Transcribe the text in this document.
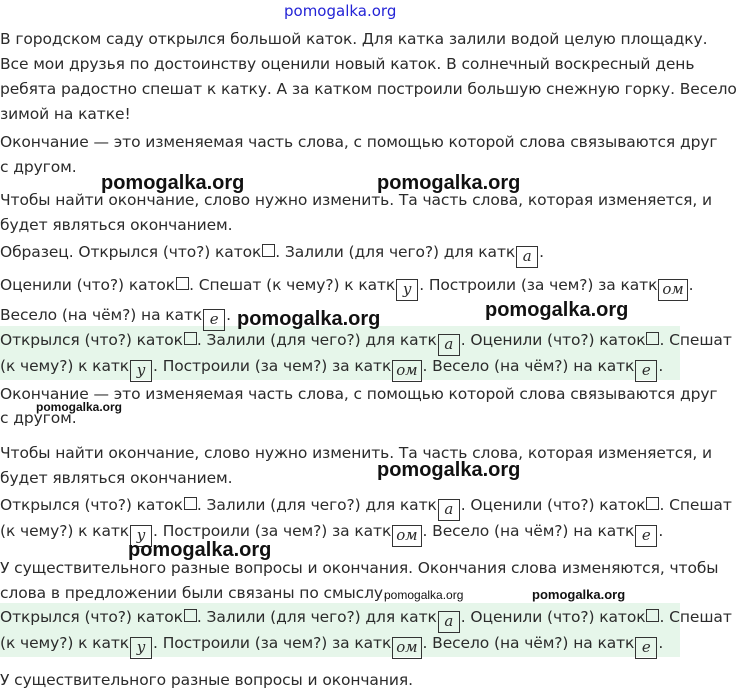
pomogalka.org
В городском саду открылся большой каток. Для катка залили водой целую площадку.
Все мои друзья по достоинству оценили новый каток. В солнечный воскресный день
ребята радостно спешат к катку. А за катком построили большую снежную горку. Весело
зимой на катке!
Окончание — это изменяемая часть слова, с помощью которой слова связываются друг
с другом.
Чтобы найти окончание, слово нужно изменить. Та часть слова, которая изменяется, и
будет являться окончанием.
Образец. Открылся (что?) каток . Залили (для чего?) для катк а .
Оценили (что?) каток . Спешат (к чему?) к катк у . Построили (за чем?) за катк ом .
Весело (на чём?) на катк е .
Открылся (что?) каток . Залили (для чего?) для катк а . Оценили (что?) каток . Спешат
(к чему?) к катк у . Построили (за чем?) за катк ом . Весело (на чём?) на катк е .
Окончание — это изменяемая часть слова, с помощью которой слова связываются друг
с другом.
Чтобы найти окончание, слово нужно изменить. Та часть слова, которая изменяется, и
будет являться окончанием.
Открылся (что?) каток . Залили (для чего?) для катк а . Оценили (что?) каток . Спешат
(к чему?) к катк у . Построили (за чем?) за катк ом . Весело (на чём?) на катк е .
У существительного разные вопросы и окончания. Окончания слова изменяются, чтобы
слова в предложении были связаны по смыслу.
Открылся (что?) каток . Залили (для чего?) для катк а . Оценили (что?) каток . Спешат
(к чему?) к катк у . Построили (за чем?) за катк ом . Весело (на чём?) на катк е .
У существительного разные вопросы и окончания.
pomogalka.org	pomogalka.org
pomogalka.org
pomogalka.org
pomogalka.org
pomogalka.org
pomogalka.org
pomogalka.org	pomogalka.org
